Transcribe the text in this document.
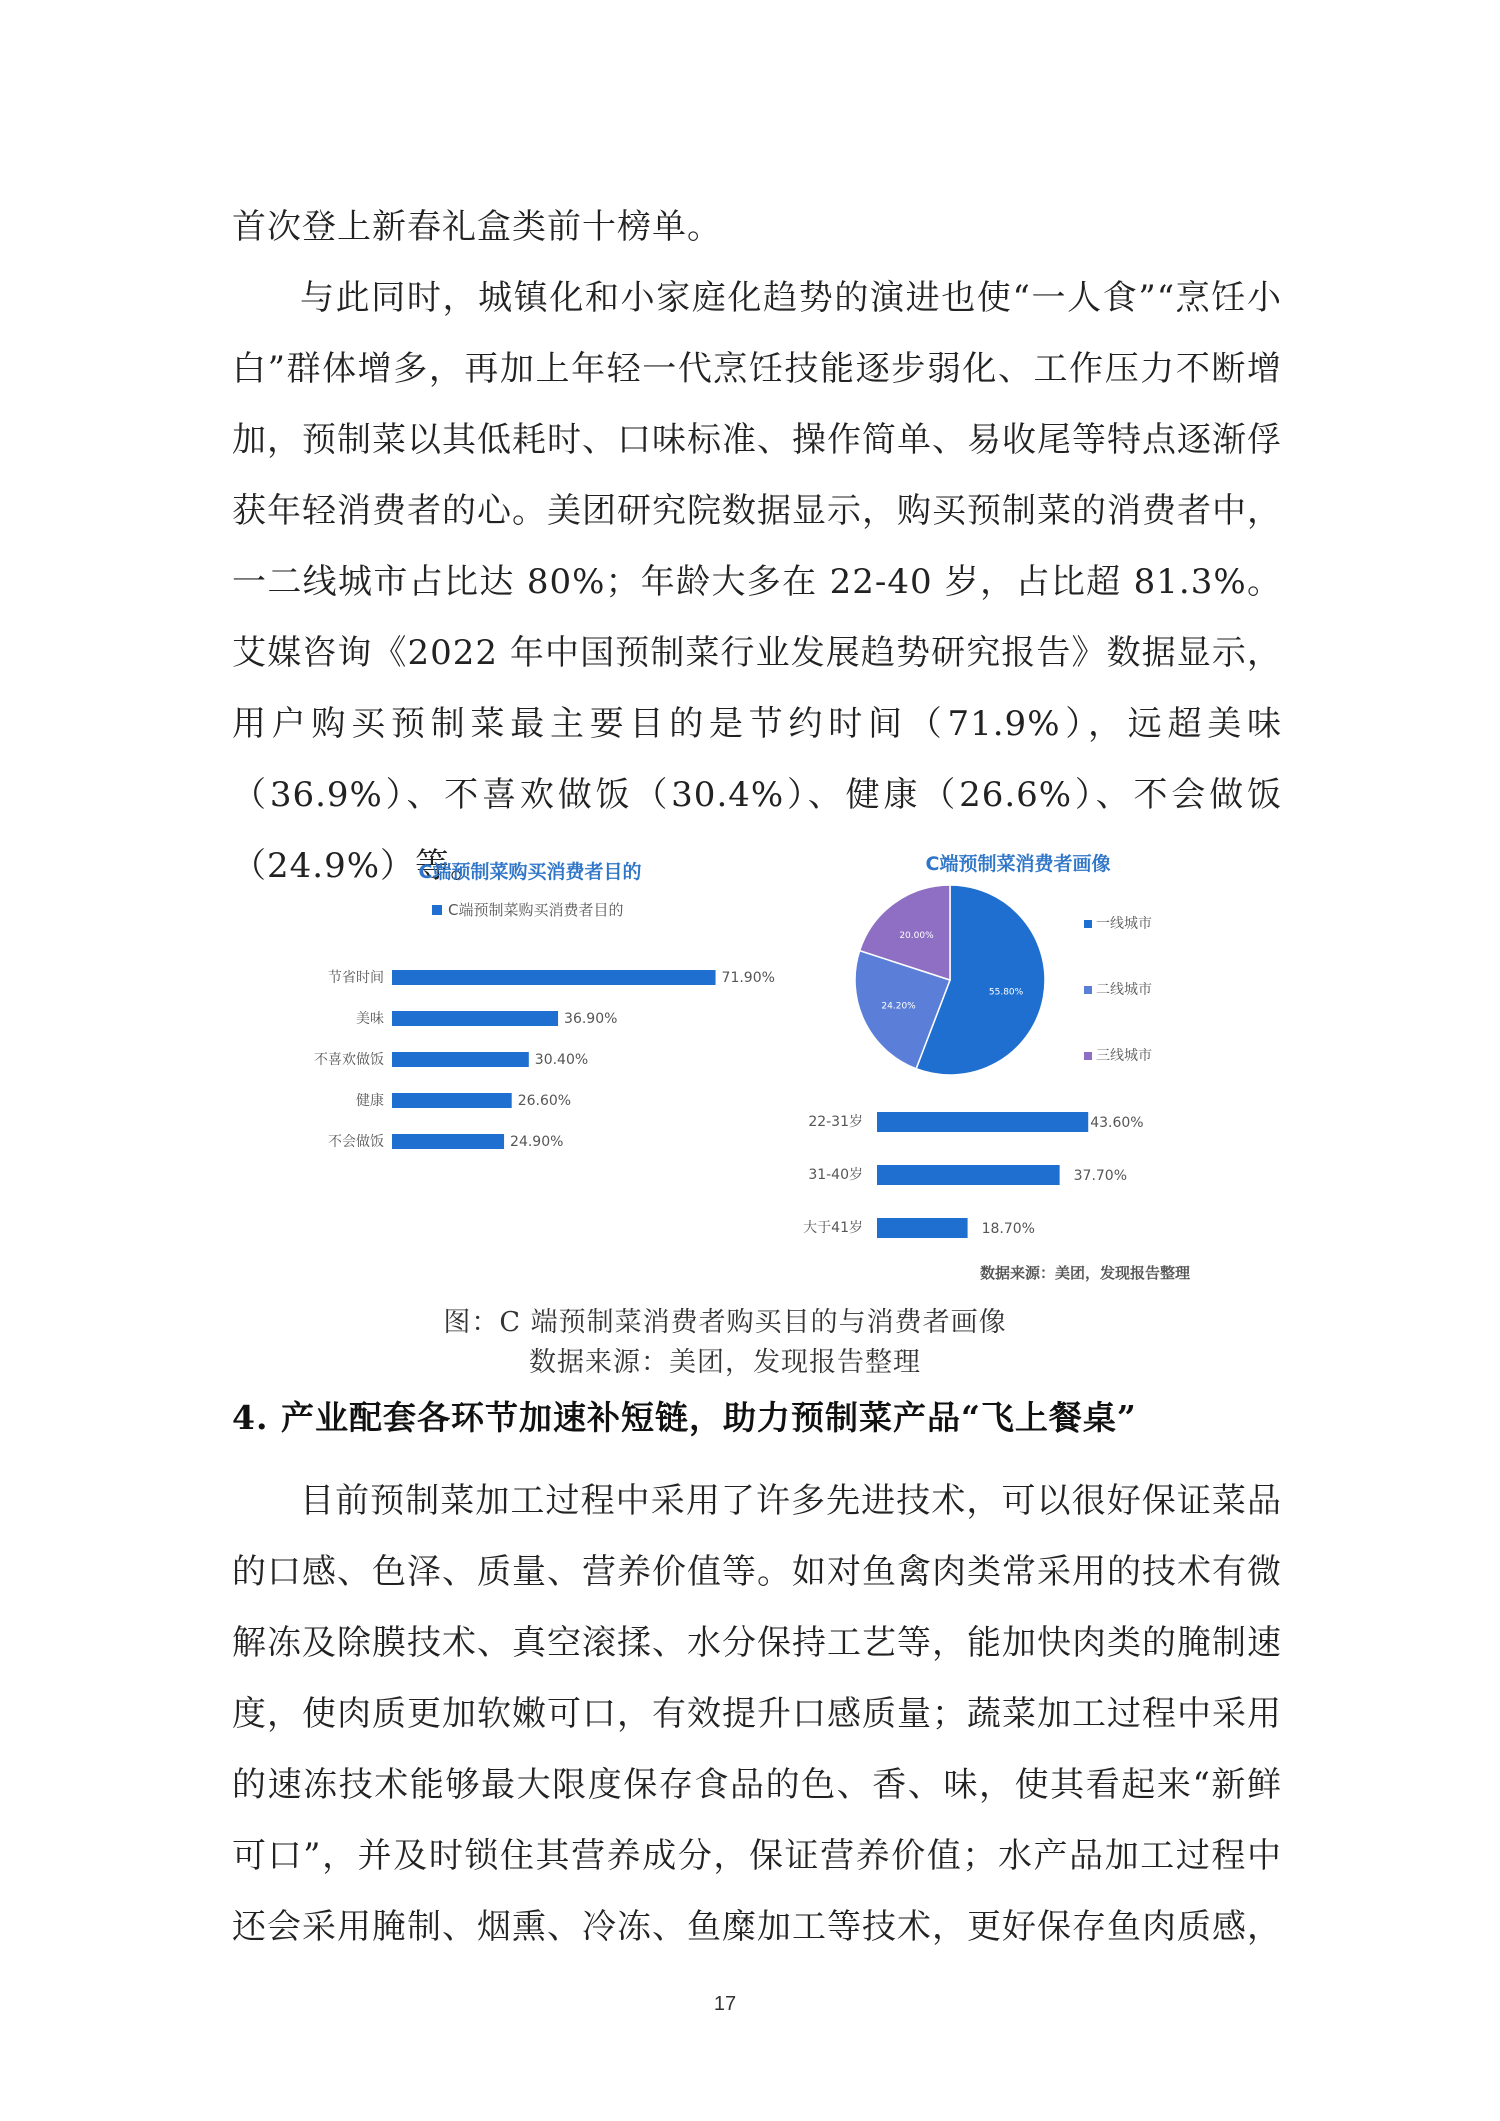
首次登上新春礼盒类前十榜单。

与此同时，城镇化和小家庭化趋势的演进也使“一人食”“烹饪小白”群体增多，再加上年轻一代烹饪技能逐步弱化、工作压力不断增加，预制菜以其低耗时、口味标准、操作简单、易收尾等特点逐渐俘获年轻消费者的心。美团研究院数据显示，购买预制菜的消费者中，一二线城市占比达 80%；年龄大多在 22-40 岁，占比超 81.3%。艾媒咨询《2022 年中国预制菜行业发展趋势研究报告》数据显示，用户购买预制菜最主要目的是节约时间（71.9%），远超美味（36.9%）、不喜欢做饭（30.4%）、健康（26.6%）、不会做饭（24.9%）等。

C端预制菜购买消费者目的
C端预制菜购买消费者目的
节省时间	71.90%
美味	36.90%
不喜欢做饭	30.40%
健康	26.60%
不会做饭	24.90%
C端预制菜消费者画像
55.80%
24.20%
20.00%
一线城市
二线城市
三线城市
22-31岁	43.60%
31-40岁	37.70%
大于41岁	18.70%
数据来源：美团，发现报告整理
图：C 端预制菜消费者购买目的与消费者画像
数据来源：美团，发现报告整理
4. 产业配套各环节加速补短链，助力预制菜产品“飞上餐桌”

目前预制菜加工过程中采用了许多先进技术，可以很好保证菜品的口感、色泽、质量、营养价值等。如对鱼禽肉类常采用的技术有微解冻及除膜技术、真空滚揉、水分保持工艺等，能加快肉类的腌制速度，使肉质更加软嫩可口，有效提升口感质量；蔬菜加工过程中采用的速冻技术能够最大限度保存食品的色、香、味，使其看起来“新鲜可口”，并及时锁住其营养成分，保证营养价值；水产品加工过程中还会采用腌制、烟熏、冷冻、鱼糜加工等技术，更好保存鱼肉质感，

17
